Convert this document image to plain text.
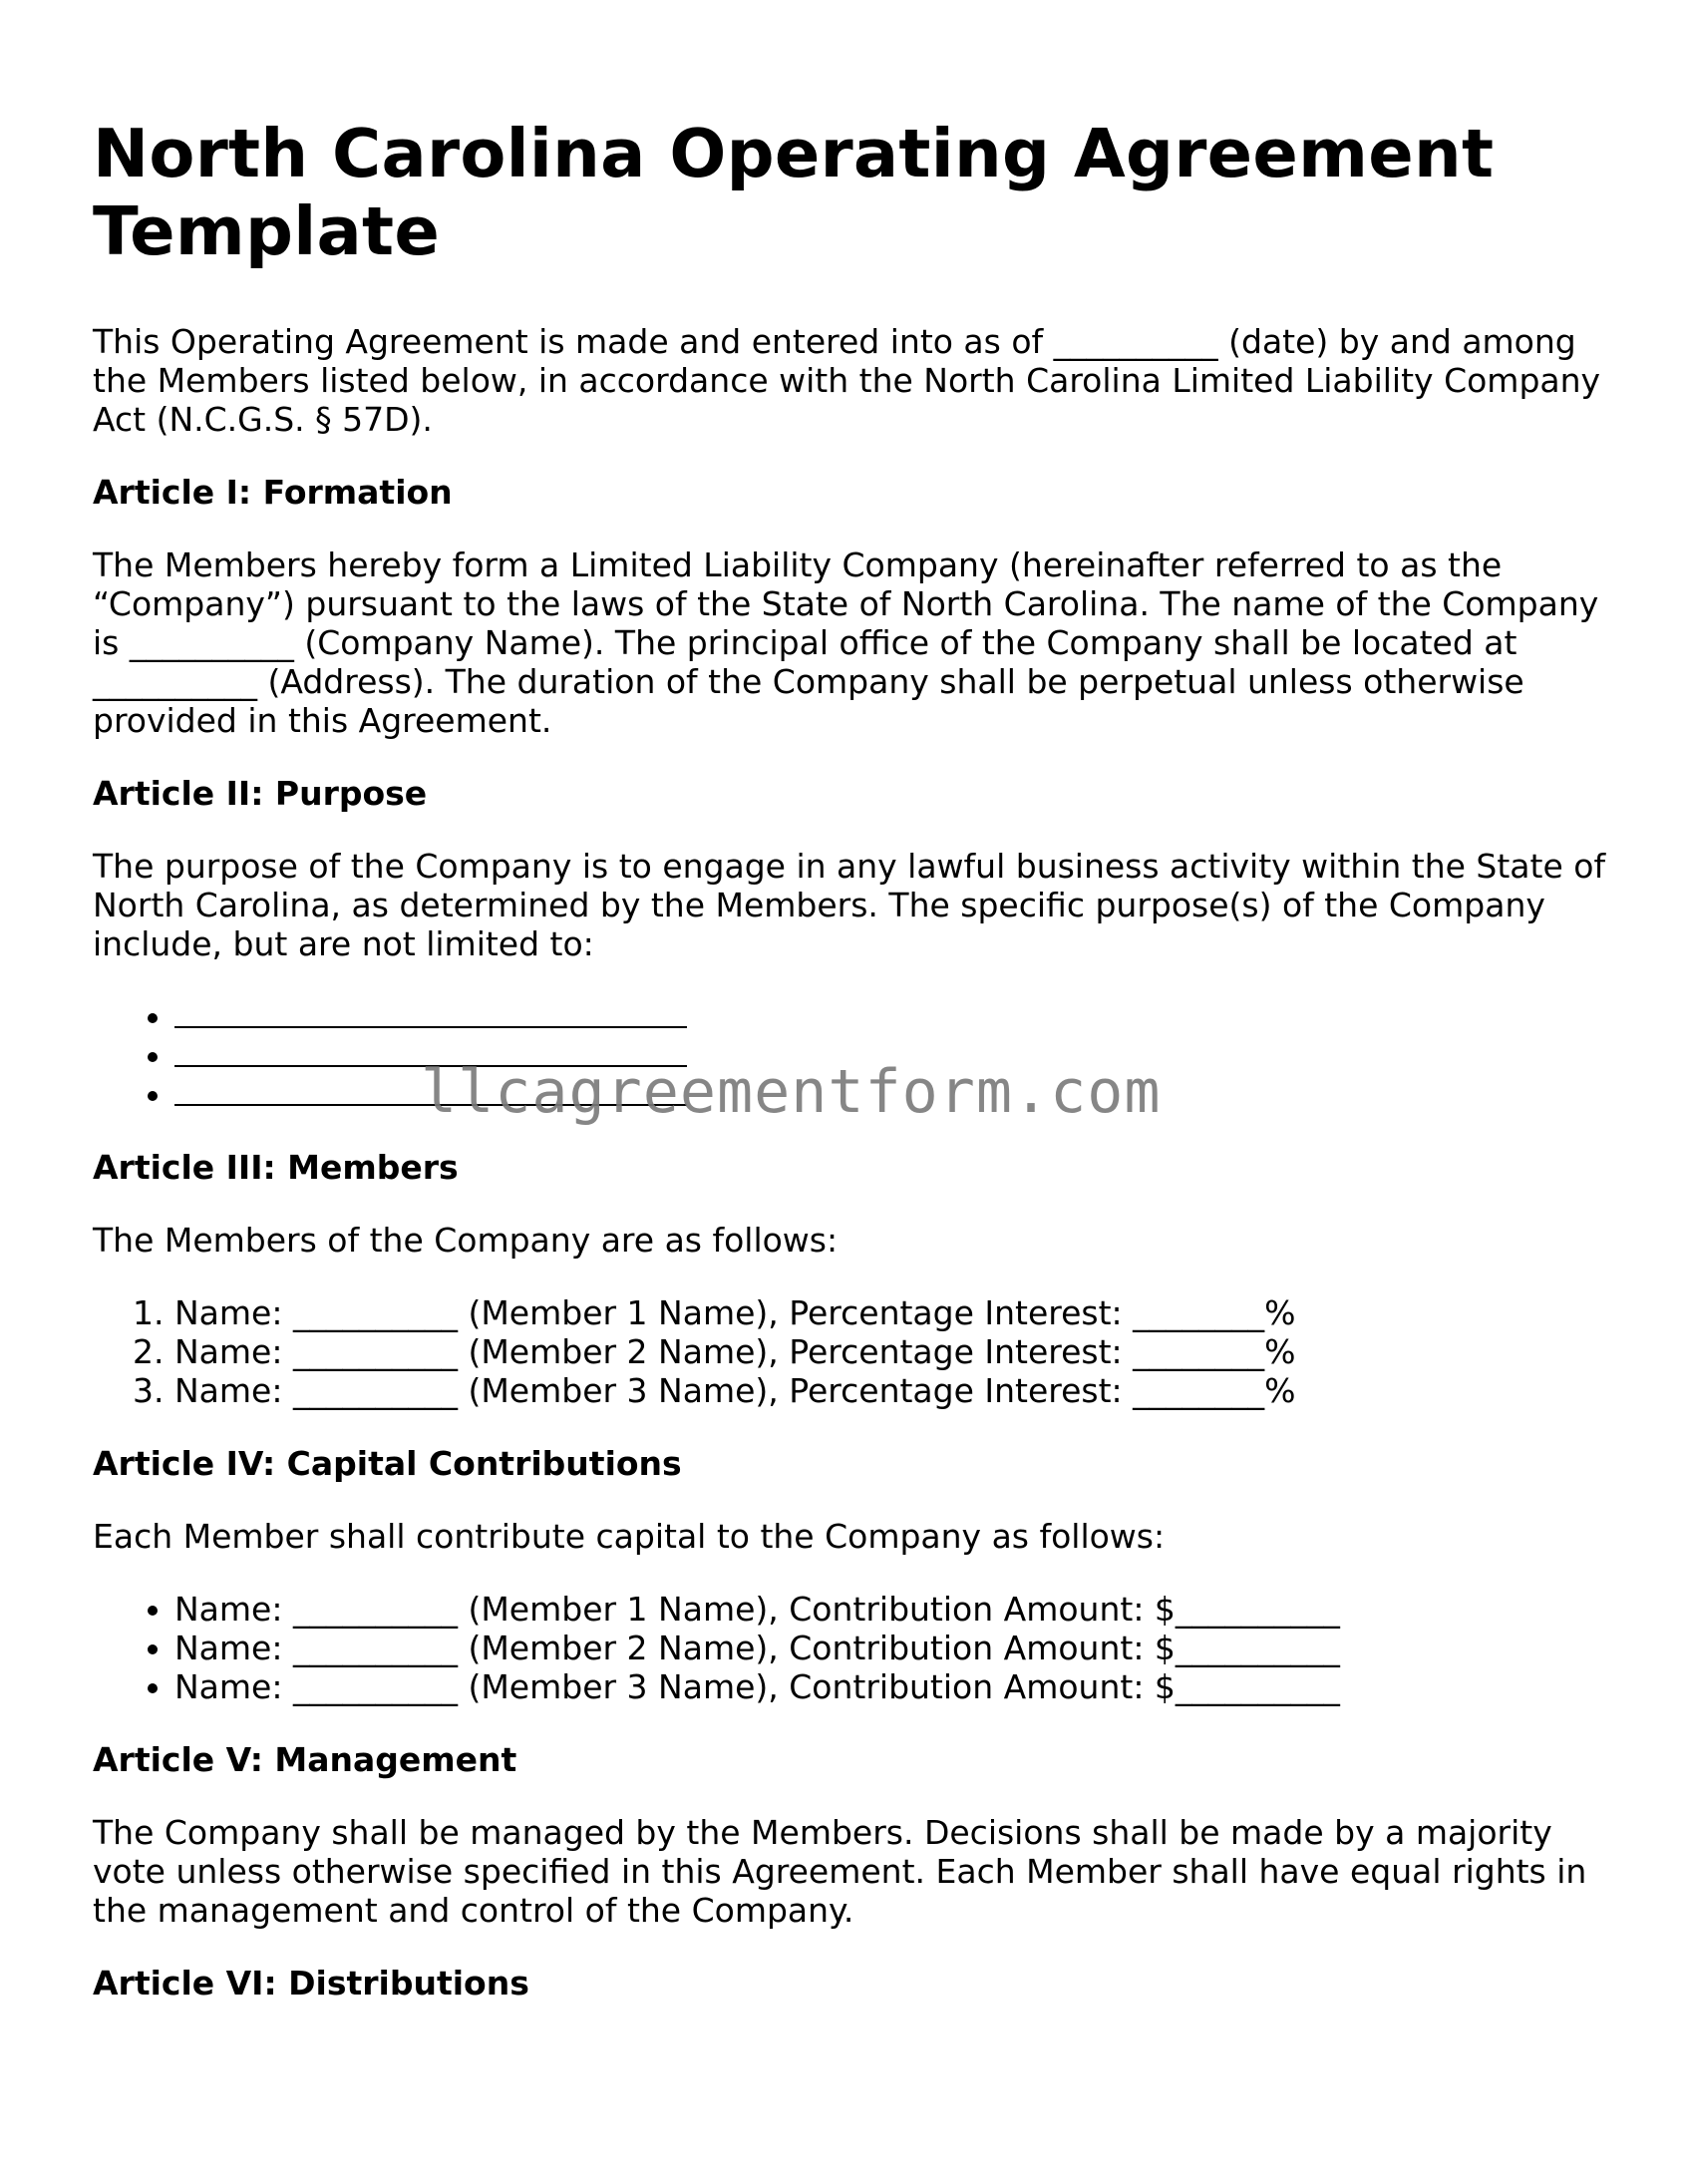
North Carolina Operating Agreement Template

This Operating Agreement is made and entered into as of __________ (date) by and among the Members listed below, in accordance with the North Carolina Limited Liability Company Act (N.C.G.S. § 57D).

Article I: Formation

The Members hereby form a Limited Liability Company (hereinafter referred to as the “Company”) pursuant to the laws of the State of North Carolina. The name of the Company is __________ (Company Name). The principal office of the Company shall be located at __________ (Address). The duration of the Company shall be perpetual unless otherwise provided in this Agreement.

Article II: Purpose

The purpose of the Company is to engage in any lawful business activity within the State of North Carolina, as determined by the Members. The specific purpose(s) of the Company include, but are not limited to:

•
•
•
Article III: Members

The Members of the Company are as follows:

1. Name: __________ (Member 1 Name), Percentage Interest: ________%
2. Name: __________ (Member 2 Name), Percentage Interest: ________%
3. Name: __________ (Member 3 Name), Percentage Interest: ________%
Article IV: Capital Contributions

Each Member shall contribute capital to the Company as follows:

• Name: __________ (Member 1 Name), Contribution Amount: $__________
• Name: __________ (Member 2 Name), Contribution Amount: $__________
• Name: __________ (Member 3 Name), Contribution Amount: $__________
Article V: Management

The Company shall be managed by the Members. Decisions shall be made by a majority vote unless otherwise specified in this Agreement. Each Member shall have equal rights in the management and control of the Company.

Article VI: Distributions
llcagreementform.com
